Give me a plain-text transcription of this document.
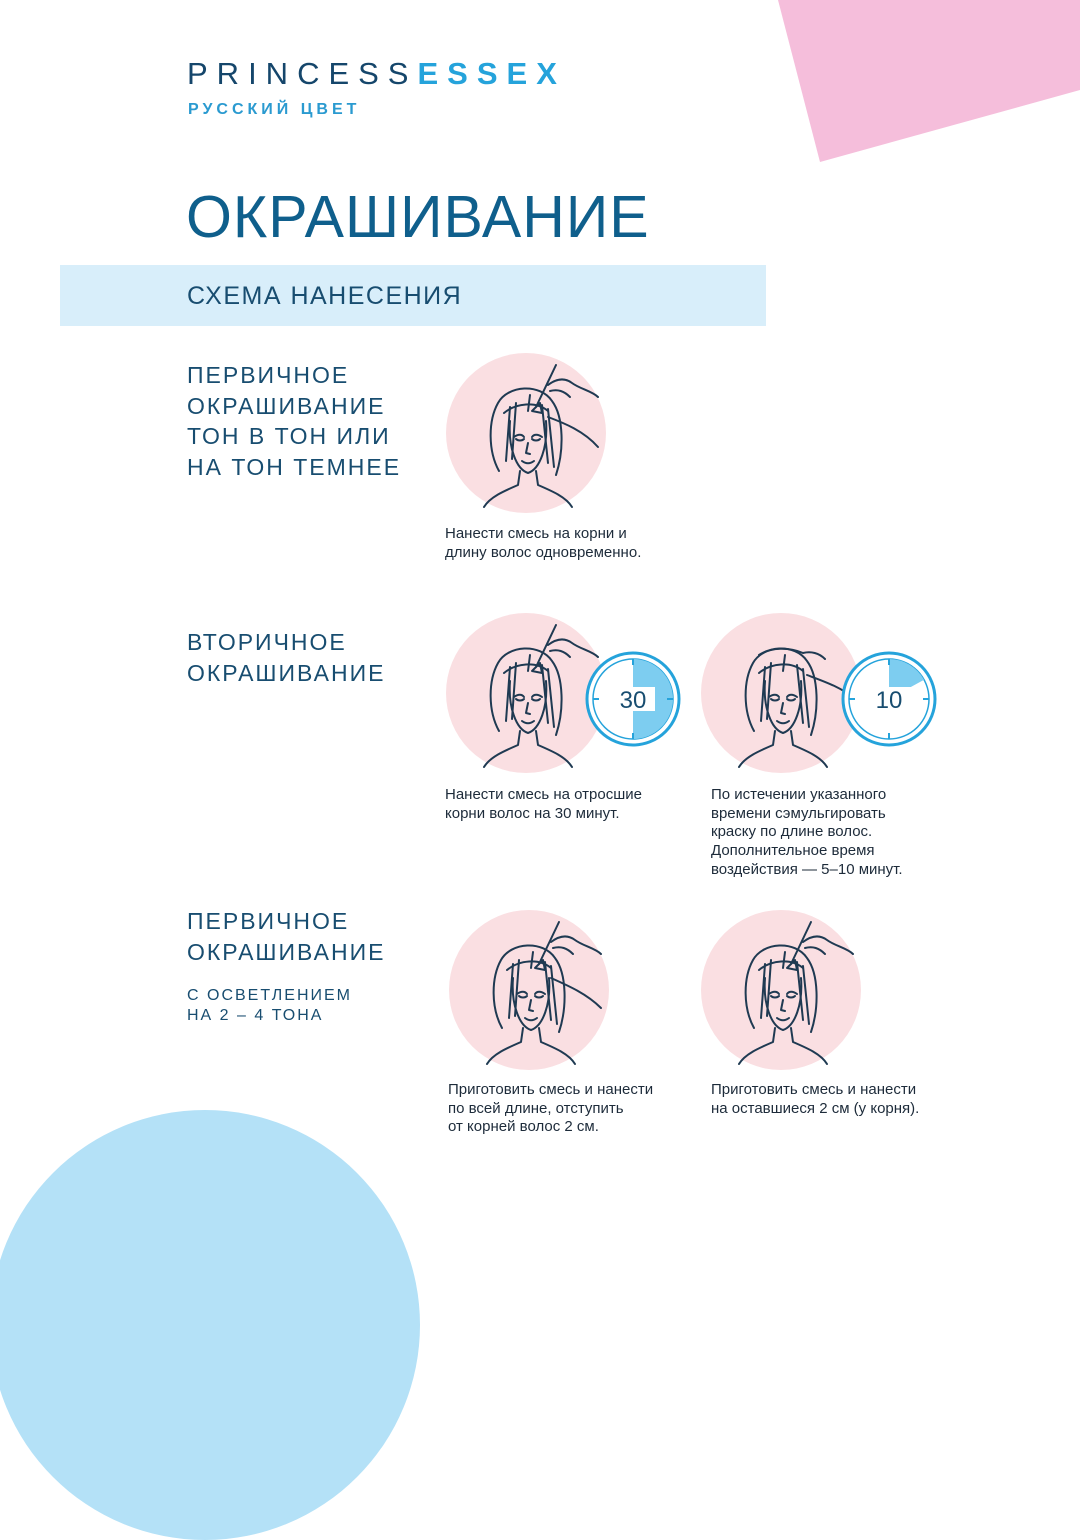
PRINCESSESSEX
РУССКИЙ ЦВЕТ
ОКРАШИВАНИЕ
СХЕМА НАНЕСЕНИЯ
ПЕРВИЧНОЕ
ОКРАШИВАНИЕ
ТОН В ТОН ИЛИ
НА ТОН ТЕМНЕЕ
Нанести смесь на корни и
длину волос одновременно.
ВТОРИЧНОЕ
ОКРАШИВАНИЕ
30
Нанести смесь на отросшие
корни волос на 30 минут.
10
По истечении указанного
времени сэмульгировать
краску по длине волос.
Дополнительное время
воздействия — 5–10 минут.
ПЕРВИЧНОЕ
ОКРАШИВАНИЕ
С ОСВЕТЛЕНИЕМ
НА 2 – 4 ТОНА
Приготовить смесь и нанести
по всей длине, отступить
от корней волос 2 см.
Приготовить смесь и нанести
на оставшиеся 2 см (у корня).
